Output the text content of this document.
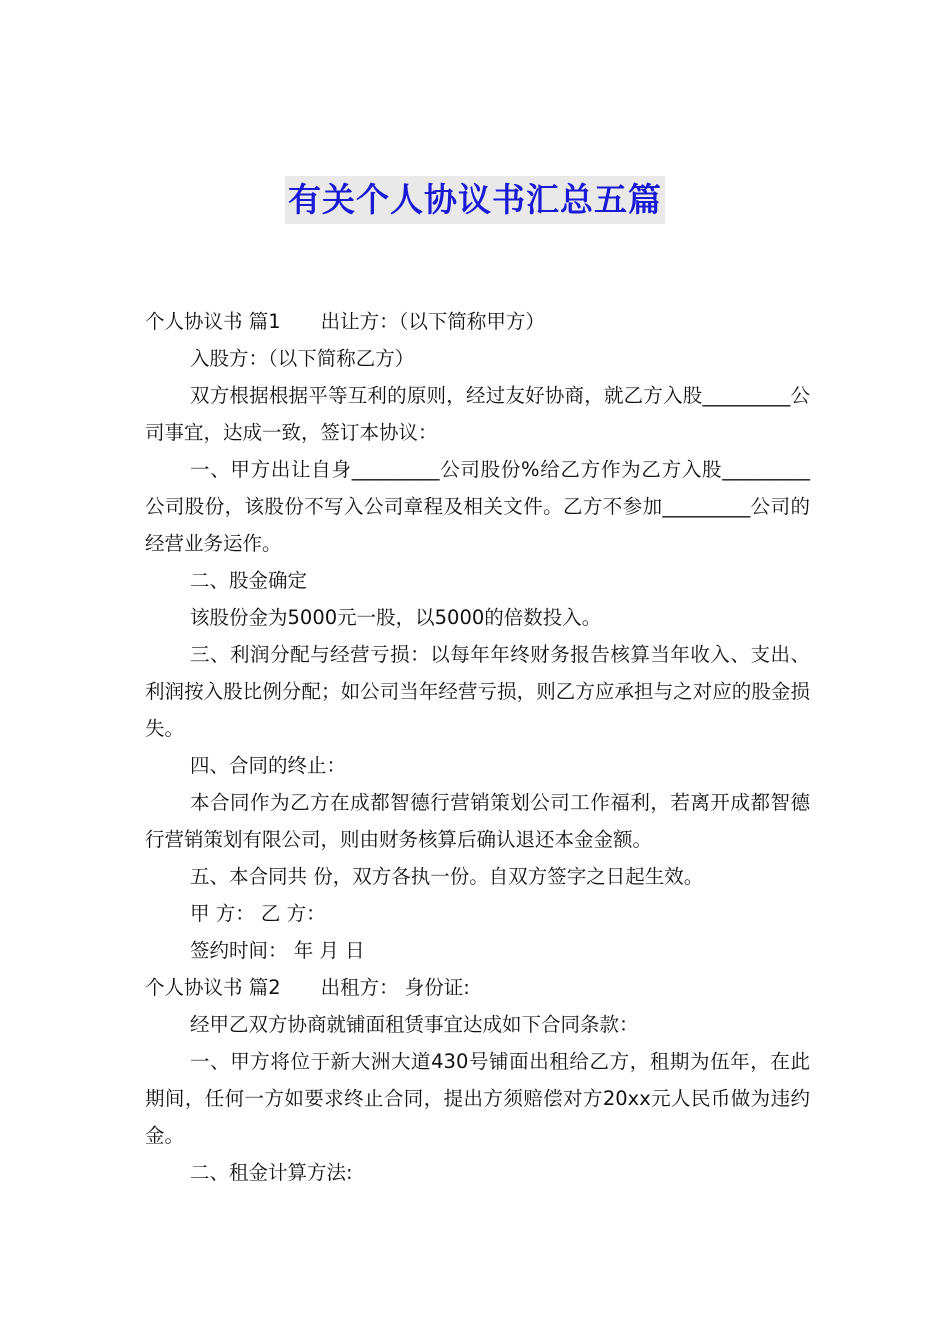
有关个人协议书汇总五篇

个人协议书 篇1 出让方：（以下简称甲方）

入股方：（以下简称乙方）

双方根据根据平等互利的原则，经过友好协商，就乙方入股_________公司事宜，达成一致，签订本协议：

一、甲方出让自身_________公司股份%给乙方作为乙方入股_________公司股份，该股份不写入公司章程及相关文件。乙方不参加_________公司的经营业务运作。

二、股金确定

该股份金为5000元一股，以5000的倍数投入。

三、利润分配与经营亏损：以每年年终财务报告核算当年收入、支出、利润按入股比例分配；如公司当年经营亏损，则乙方应承担与之对应的股金损失。

四、合同的终止：

本合同作为乙方在成都智德行营销策划公司工作福利，若离开成都智德行营销策划有限公司，则由财务核算后确认退还本金金额。

五、本合同共 份，双方各执一份。自双方签字之日起生效。

甲 方： 乙 方：

签约时间： 年 月 日

个人协议书 篇2 出租方： 身份证:

经甲乙双方协商就铺面租赁事宜达成如下合同条款：

一、甲方将位于新大洲大道430号铺面出租给乙方，租期为伍年，在此期间，任何一方如要求终止合同，提出方须赔偿对方20xx元人民币做为违约金。

二、租金计算方法:
